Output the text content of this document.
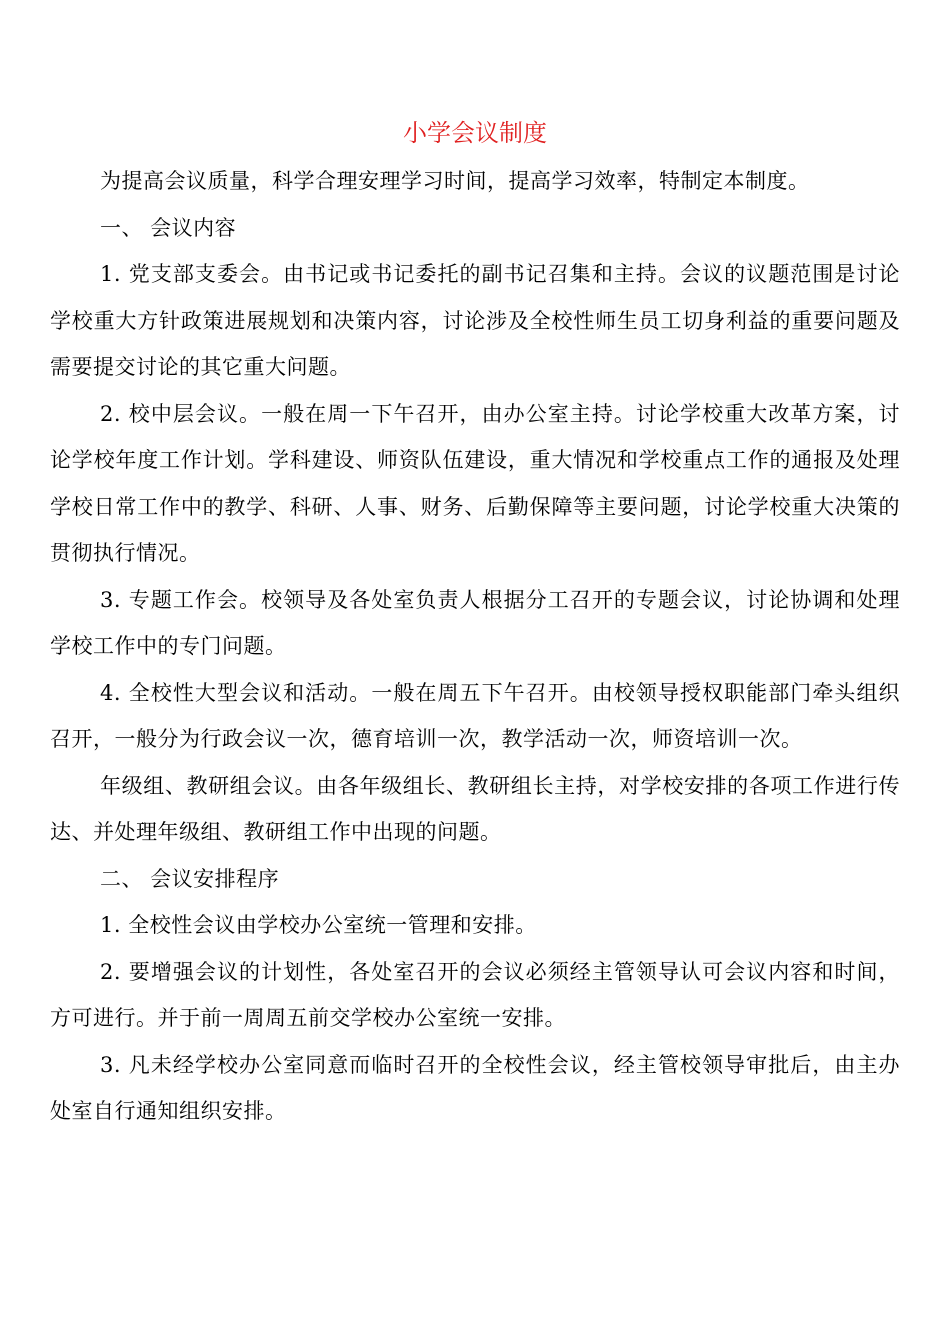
小学会议制度

为提高会议质量，科学合理安理学习时间，提高学习效率，特制定本制度。

一、 会议内容

1. 党支部支委会。由书记或书记委托的副书记召集和主持。会议的议题范围是讨论学校重大方针政策进展规划和决策内容，讨论涉及全校性师生员工切身利益的重要问题及需要提交讨论的其它重大问题。

2. 校中层会议。一般在周一下午召开，由办公室主持。讨论学校重大改革方案，讨论学校年度工作计划。学科建设、师资队伍建设，重大情况和学校重点工作的通报及处理学校日常工作中的教学、科研、人事、财务、后勤保障等主要问题，讨论学校重大决策的贯彻执行情况。

3. 专题工作会。校领导及各处室负责人根据分工召开的专题会议，讨论协调和处理学校工作中的专门问题。

4. 全校性大型会议和活动。一般在周五下午召开。由校领导授权职能部门牵头组织召开，一般分为行政会议一次，德育培训一次，教学活动一次，师资培训一次。

年级组、教研组会议。由各年级组长、教研组长主持，对学校安排的各项工作进行传达、并处理年级组、教研组工作中出现的问题。

二、 会议安排程序

1. 全校性会议由学校办公室统一管理和安排。

2. 要增强会议的计划性，各处室召开的会议必须经主管领导认可会议内容和时间，方可进行。并于前一周周五前交学校办公室统一安排。

3. 凡未经学校办公室同意而临时召开的全校性会议，经主管校领导审批后，由主办处室自行通知组织安排。
